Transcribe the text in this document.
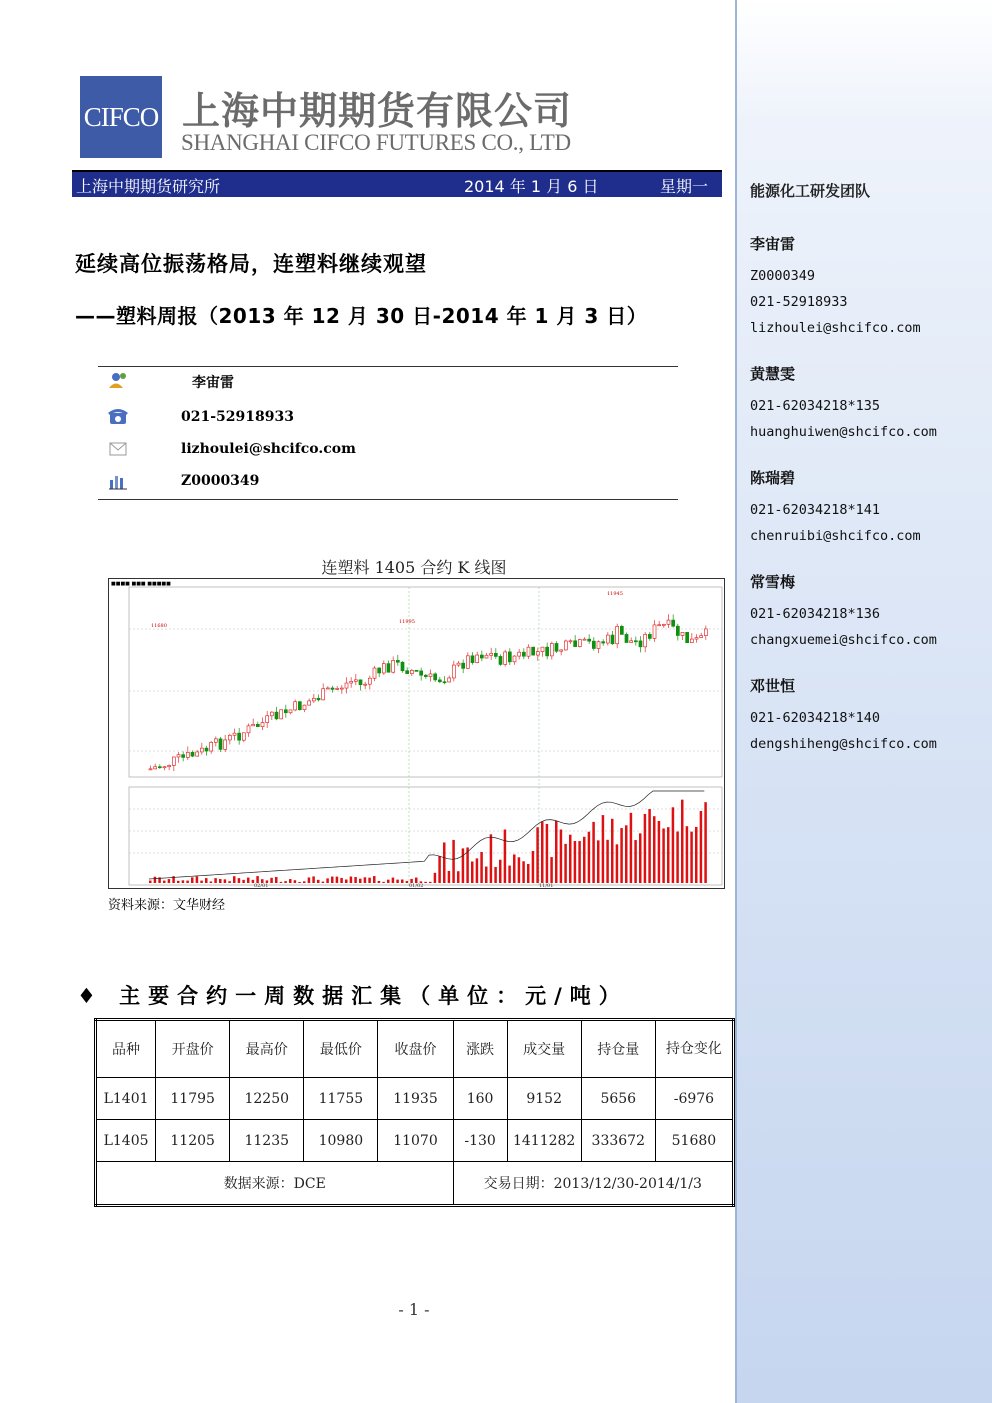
能源化工研发团队
李宙雷
Z0000349
021-52918933
lizhoulei@shcifco.com
黄慧雯
021-62034218*135
huanghuiwen@shcifco.com
陈瑞碧
021-62034218*141
chenruibi@shcifco.com
常雪梅
021-62034218*136
changxuemei@shcifco.com
邓世恒
021-62034218*140
dengshiheng@shcifco.com
CIFCO 上海中期期货有限公司
SHANGHAI CIFCO FUTURES CO., LTD
上海中期期货研究所	2014 年 1 月 6 日	星期一
延续高位振荡格局，连塑料继续观望
——塑料周报（2013 年 12 月 30 日-2014 年 1 月 3 日）
李宙雷
021-52918933
lizhoulei@shcifco.com
Z0000349
连塑料 1405 合约 K 线图
■■■■ ■■■ ■■■■■
11680
11995
11945
02/01	01/02	11/01
资料来源：文华财经
♦ 主要合约一周数据汇集（单位：元/吨）
品种	开盘价	最高价	最低价	收盘价	涨跌	成交量	持仓量	持仓变化
L1401	11795	12250	11755	11935	160	9152	5656	-6976
L1405	11205	11235	10980	11070	-130	1411282	333672	51680
数据来源：DCE					交易日期：2013/12/30-2014/1/3			
- 1 -
